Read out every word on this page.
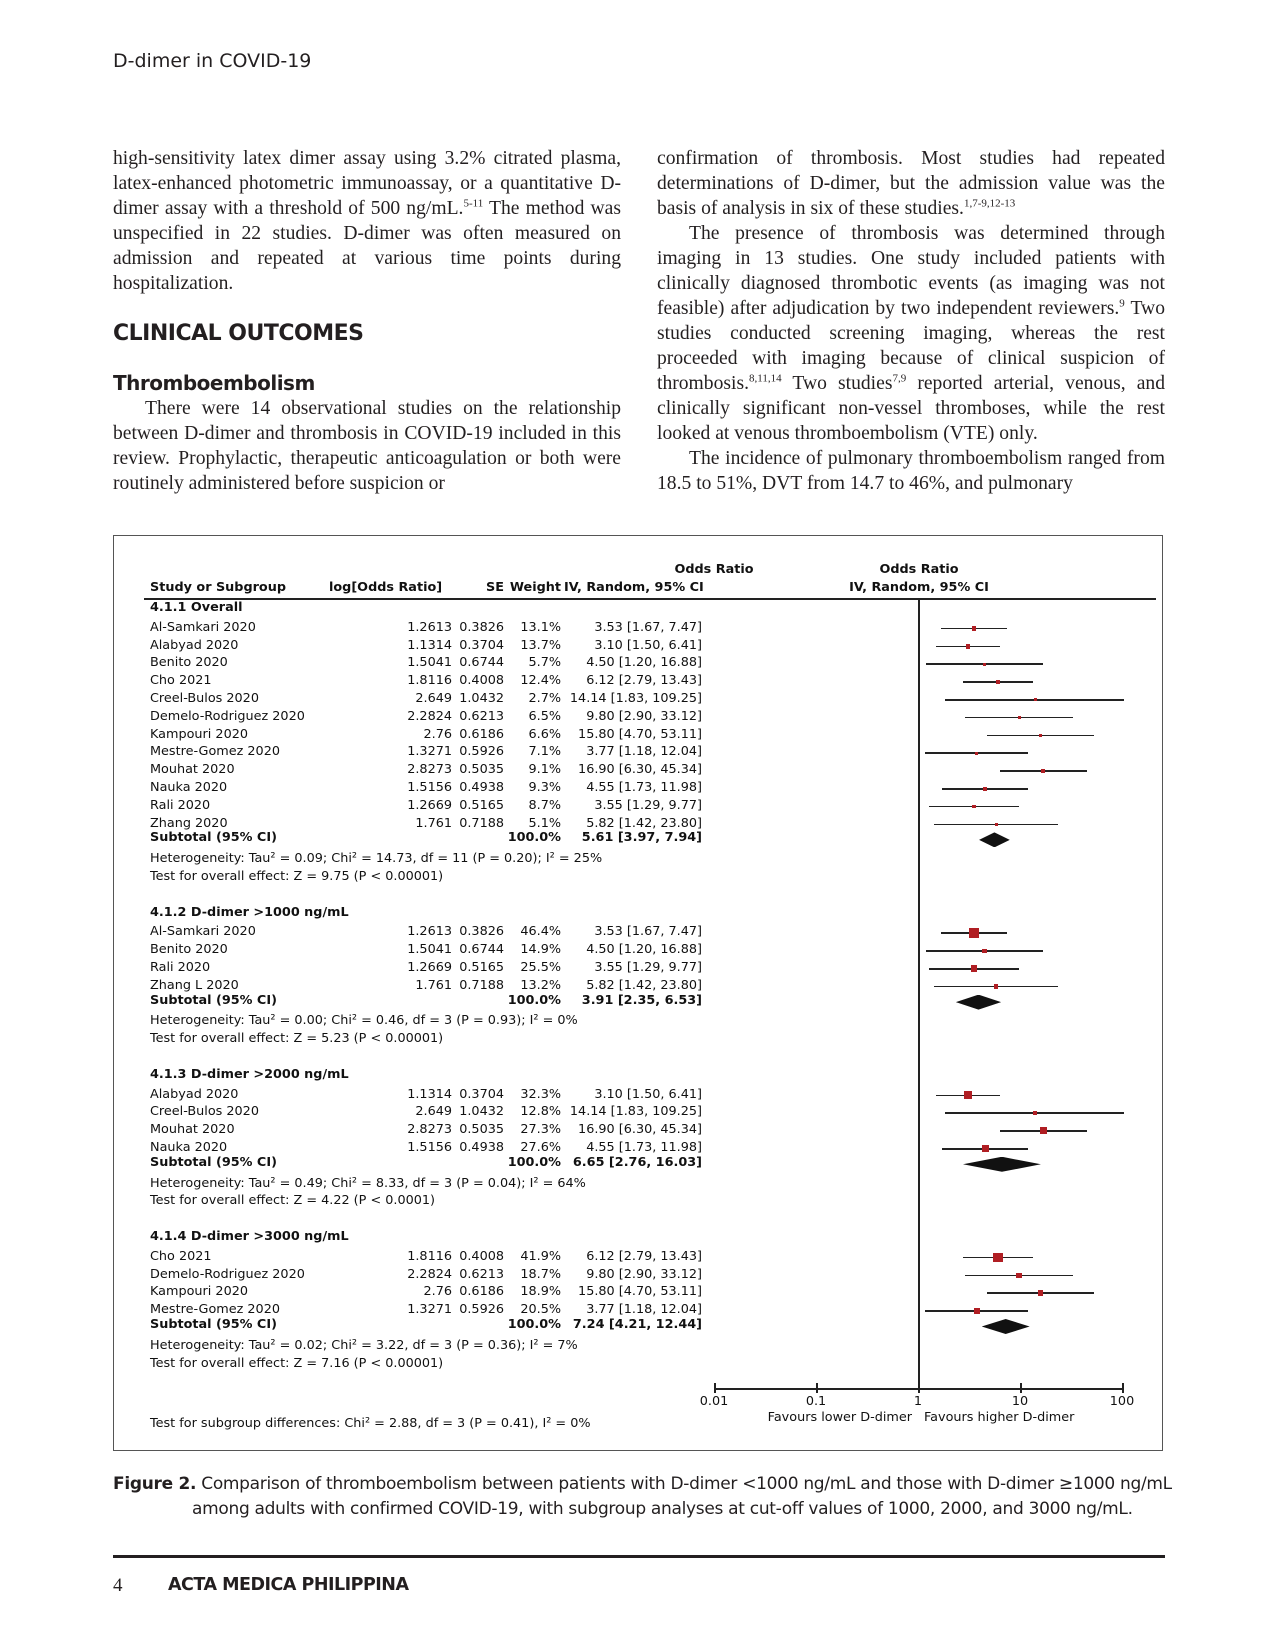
D-dimer in COVID-19

high-sensitivity latex dimer assay using 3.2% citrated plasma, latex-enhanced photometric immunoassay, or a quantitative D-dimer assay with a threshold of 500 ng/mL.$^{5-11}$ The method was unspecified in 22 studies. D-dimer was often measured on admission and repeated at various time points during hospitalization.

CLINICAL OUTCOMES
Thromboembolism

There were 14 observational studies on the relationship between D-dimer and thrombosis in COVID-19 included in this review. Prophylactic, therapeutic anticoagulation or both were routinely administered before suspicion or

confirmation of thrombosis. Most studies had repeated determinations of D-dimer, but the admission value was the basis of analysis in six of these studies.$^{1,7-9,12-13}$

The presence of thrombosis was determined through imaging in 13 studies. One study included patients with clinically diagnosed thrombotic events (as imaging was not feasible) after adjudication by two independent reviewers.$^9$ Two studies conducted screening imaging, whereas the rest proceeded with imaging because of clinical suspicion of thrombosis.$^{8,11,14}$ Two studies$^{7,9}$ reported arterial, venous, and clinically significant non-vessel thromboses, while the rest looked at venous thromboembolism (VTE) only.

The incidence of pulmonary thromboembolism ranged from 18.5 to 51%, DVT from 14.7 to 46%, and pulmonary

Odds Ratio
Study or Subgroup	log[Odds Ratio]	SE Weight IV, Random, 95% CI
Odds Ratio
IV, Random, 95% CI
4.1.1 Overall
Al-Samkari 2020	1.2613 0.3826	13.1%	3.53 [1.67, 7.47]
Alabyad 2020	1.1314 0.3704	13.7%	3.10 [1.50, 6.41]
Benito 2020	1.5041 0.6744	5.7%	4.50 [1.20, 16.88]
Cho 2021	1.8116 0.4008	12.4%	6.12 [2.79, 13.43]
Creel-Bulos 2020	2.649 1.0432	2.7% 14.14 [1.83, 109.25]
Demelo-Rodriguez 2020	2.2824 0.6213	6.5%	9.80 [2.90, 33.12]
Kampouri 2020	2.76 0.6186	6.6%	15.80 [4.70, 53.11]
Mestre-Gomez 2020	1.3271 0.5926	7.1%	3.77 [1.18, 12.04]
Mouhat 2020	2.8273 0.5035	9.1%	16.90 [6.30, 45.34]
Nauka 2020	1.5156 0.4938	9.3%	4.55 [1.73, 11.98]
Rali 2020	1.2669 0.5165	8.7%	3.55 [1.29, 9.77]
Zhang 2020	1.761 0.7188	5.1%	5.82 [1.42, 23.80]
Subtotal (95% CI)	100.0%	5.61 [3.97, 7.94]
Heterogeneity: Tau² = 0.09; Chi² = 14.73, df = 11 (P = 0.20); I² = 25%
Test for overall effect: Z = 9.75 (P < 0.00001)
4.1.2 D-dimer >1000 ng/mL
Al-Samkari 2020	1.2613 0.3826	46.4%	3.53 [1.67, 7.47]
Benito 2020	1.5041 0.6744	14.9%	4.50 [1.20, 16.88]
Rali 2020	1.2669 0.5165	25.5%	3.55 [1.29, 9.77]
Zhang L 2020	1.761 0.7188	13.2%	5.82 [1.42, 23.80]
Subtotal (95% CI)	100.0%	3.91 [2.35, 6.53]
Heterogeneity: Tau² = 0.00; Chi² = 0.46, df = 3 (P = 0.93); I² = 0%
Test for overall effect: Z = 5.23 (P < 0.00001)
4.1.3 D-dimer >2000 ng/mL
Alabyad 2020	1.1314 0.3704	32.3%	3.10 [1.50, 6.41]
Creel-Bulos 2020	2.649 1.0432	12.8% 14.14 [1.83, 109.25]
Mouhat 2020	2.8273 0.5035	27.3%	16.90 [6.30, 45.34]
Nauka 2020	1.5156 0.4938	27.6%	4.55 [1.73, 11.98]
Subtotal (95% CI)	100.0% 6.65 [2.76, 16.03]
Heterogeneity: Tau² = 0.49; Chi² = 8.33, df = 3 (P = 0.04); I² = 64%
Test for overall effect: Z = 4.22 (P < 0.0001)
4.1.4 D-dimer >3000 ng/mL
Cho 2021	1.8116 0.4008	41.9%	6.12 [2.79, 13.43]
Demelo-Rodriguez 2020	2.2824 0.6213	18.7%	9.80 [2.90, 33.12]
Kampouri 2020	2.76 0.6186	18.9%	15.80 [4.70, 53.11]
Mestre-Gomez 2020	1.3271 0.5926	20.5%	3.77 [1.18, 12.04]
Subtotal (95% CI)	100.0% 7.24 [4.21, 12.44]
Heterogeneity: Tau² = 0.02; Chi² = 3.22, df = 3 (P = 0.36); I² = 7%
Test for overall effect: Z = 7.16 (P < 0.00001)
0.01	0.1	1	10	100
Favours lower D-dimer Favours higher D-dimer
Test for subgroup differences: Chi² = 2.88, df = 3 (P = 0.41), I² = 0%
Figure 2. Comparison of thromboembolism between patients with D-dimer <1000 ng/mL and those with D-dimer ≥1000 ng/mL
among adults with confirmed COVID-19, with subgroup analyses at cut-off values of 1000, 2000, and 3000 ng/mL.
4	ACTA MEDICA PHILIPPINA
